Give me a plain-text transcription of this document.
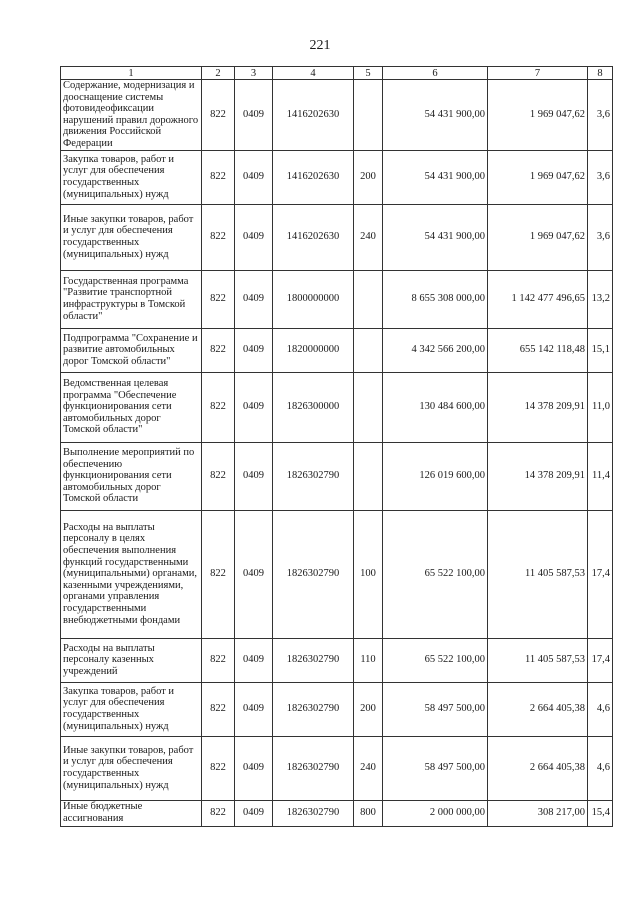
221
1	2	3	4	5	6	7	8
Содержание, модернизация и дооснащение системы фотовидеофиксации нарушений правил дорожного движения Российской Федерации	822	0409	1416202630		54 431 900,00	1 969 047,62	3,6
Закупка товаров, работ и услуг для обеспечения государственных (муниципальных) нужд	822	0409	1416202630	200	54 431 900,00	1 969 047,62	3,6
Иные закупки товаров, работ и услуг для обеспечения государственных (муниципальных) нужд	822	0409	1416202630	240	54 431 900,00	1 969 047,62	3,6
Государственная программа "Развитие транспортной инфраструктуры в Томской области"	822	0409	1800000000		8 655 308 000,00	1 142 477 496,65	13,2
Подпрограмма "Сохранение и развитие автомобильных дорог Томской области"	822	0409	1820000000		4 342 566 200,00	655 142 118,48	15,1
Ведомственная целевая программа "Обеспечение функционирования сети автомобильных дорог Томской области"	822	0409	1826300000		130 484 600,00	14 378 209,91	11,0
Выполнение мероприятий по обеспечению функционирования сети автомобильных дорог Томской области	822	0409	1826302790		126 019 600,00	14 378 209,91	11,4
Расходы на выплаты персоналу в целях обеспечения выполнения функций государственными (муниципальными) органами, казенными учреждениями, органами управления государственными внебюджетными фондами	822	0409	1826302790	100	65 522 100,00	11 405 587,53	17,4
Расходы на выплаты персоналу казенных учреждений	822	0409	1826302790	110	65 522 100,00	11 405 587,53	17,4
Закупка товаров, работ и услуг для обеспечения государственных (муниципальных) нужд	822	0409	1826302790	200	58 497 500,00	2 664 405,38	4,6
Иные закупки товаров, работ и услуг для обеспечения государственных (муниципальных) нужд	822	0409	1826302790	240	58 497 500,00	2 664 405,38	4,6
Иные бюджетные ассигнования	822	0409	1826302790	800	2 000 000,00	308 217,00	15,4
